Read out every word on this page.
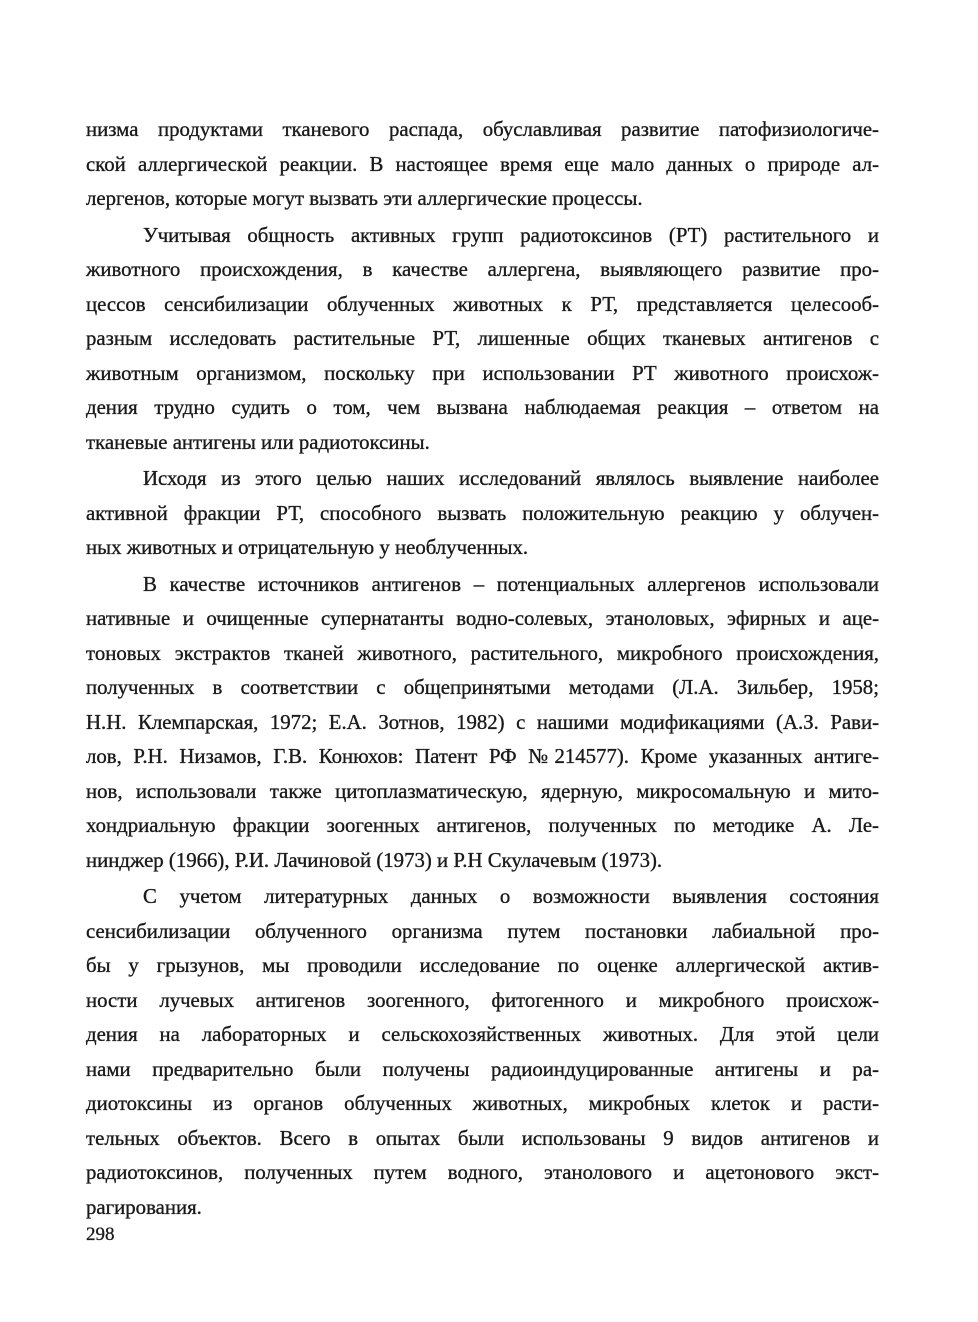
низма продуктами тканевого распада, обуславливая развитие патофизиологиче-
ской аллергической реакции. В настоящее время еще мало данных о природе ал-
лергенов, которые могут вызвать эти аллергические процессы.
Учитывая общность активных групп радиотоксинов (РТ) растительного и
животного происхождения, в качестве аллергена, выявляющего развитие про-
цессов сенсибилизации облученных животных к РТ, представляется целесооб-
разным исследовать растительные РТ, лишенные общих тканевых антигенов с
животным организмом, поскольку при использовании РТ животного происхож-
дения трудно судить о том, чем вызвана наблюдаемая реакция – ответом на
тканевые антигены или радиотоксины.
Исходя из этого целью наших исследований являлось выявление наиболее
активной фракции РТ, способного вызвать положительную реакцию у облучен-
ных животных и отрицательную у необлученных.
В качестве источников антигенов – потенциальных аллергенов использовали
нативные и очищенные супернатанты водно-солевых, этаноловых, эфирных и аце-
тоновых экстрактов тканей животного, растительного, микробного происхождения,
полученных в соответствии с общепринятыми методами (Л.А. Зильбер, 1958;
Н.Н. Клемпарская, 1972; Е.А. Зотнов, 1982) с нашими модификациями (А.З. Рави-
лов, Р.Н. Низамов, Г.В. Конюхов: Патент РФ №214577). Кроме указанных антиге-
нов, использовали также цитоплазматическую, ядерную, микросомальную и мито-
хондриальную фракции зоогенных антигенов, полученных по методике А. Ле-
нинджер (1966), Р.И. Лачиновой (1973) и Р.Н Скулачевым (1973).
С учетом литературных данных о возможности выявления состояния
сенсибилизации облученного организма путем постановки лабиальной про-
бы у грызунов, мы проводили исследование по оценке аллергической актив-
ности лучевых антигенов зоогенного, фитогенного и микробного происхож-
дения на лабораторных и сельскохозяйственных животных. Для этой цели
нами предварительно были получены радиоиндуцированные антигены и ра-
диотоксины из органов облученных животных, микробных клеток и расти-
тельных объектов. Всего в опытах были использованы 9 видов антигенов и
радиотоксинов, полученных путем водного, этанолового и ацетонового экст-
рагирования.
298
